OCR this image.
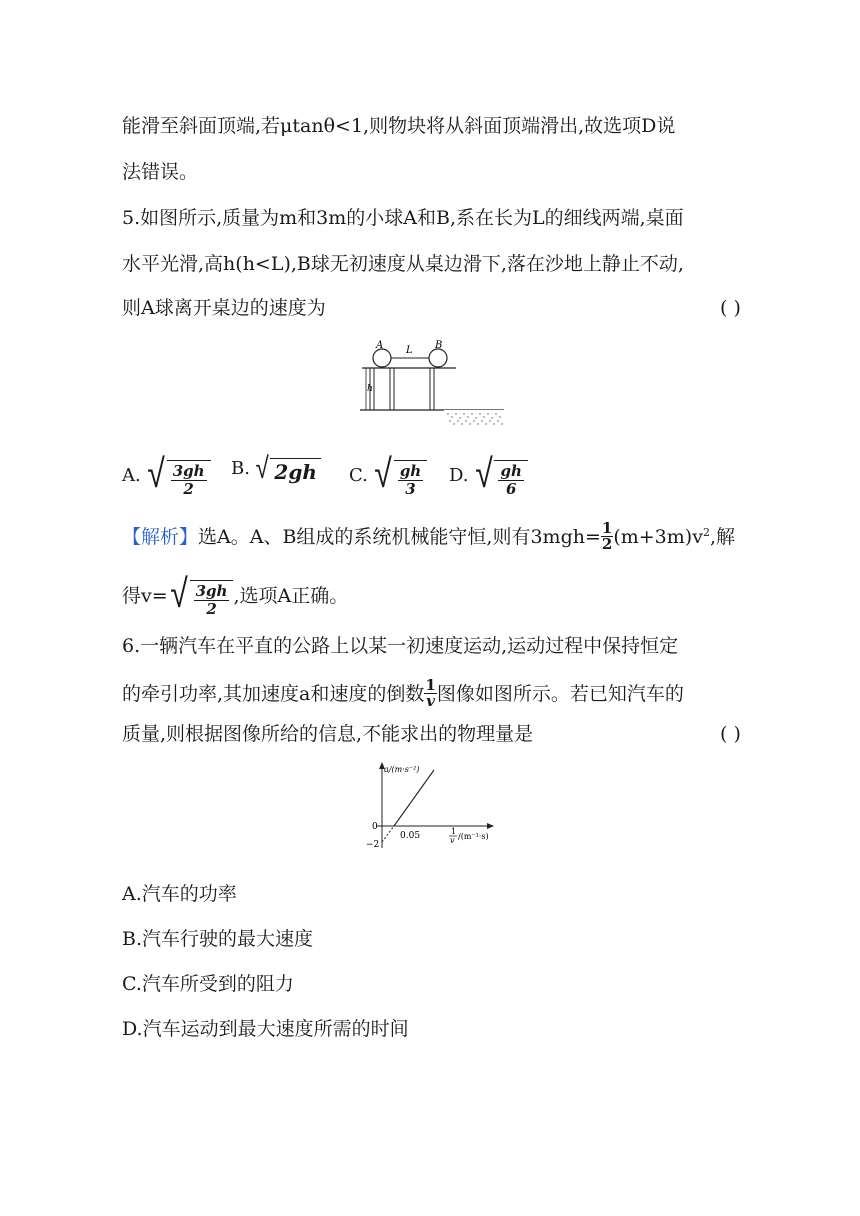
能滑至斜面顶端,若μtanθ<1,则物块将从斜面顶端滑出,故选项D说
法错误。
5.如图所示,质量为m和3m的小球A和B,系在长为L的细线两端,桌面
水平光滑,高h(h<L),B球无初速度从桌边滑下,落在沙地上静止不动,
则A球离开桌边的速度为	( )
A	B
L
h
A. √ $\frac{3gh}{2} B$. √ 2gh C. √ $\frac{gh}{3} D$. √ $\frac{gh}{6}$
【解析】 选A。A、B组成的系统机械能守恒,则有$3mgh= \frac{1}{2} (m+3m)v$ 2 ,解
得v= √ $\frac{3gh}{2}$ ,选项A正确。
6.一辆汽车在平直的公路上以某一初速度运动,运动过程中保持恒定
的牵引功率,其加速度a和速度的倒数 $\frac{1}{v}$ 图像如图所示。若已知汽车的
质量,则根据图像所给的信息,不能求出的物理量是	( )
a/(m·s⁻²)
0
0.05
−2
1
v /(m⁻¹·s)
A.汽车的功率
B.汽车行驶的最大速度
C.汽车所受到的阻力
D.汽车运动到最大速度所需的时间
